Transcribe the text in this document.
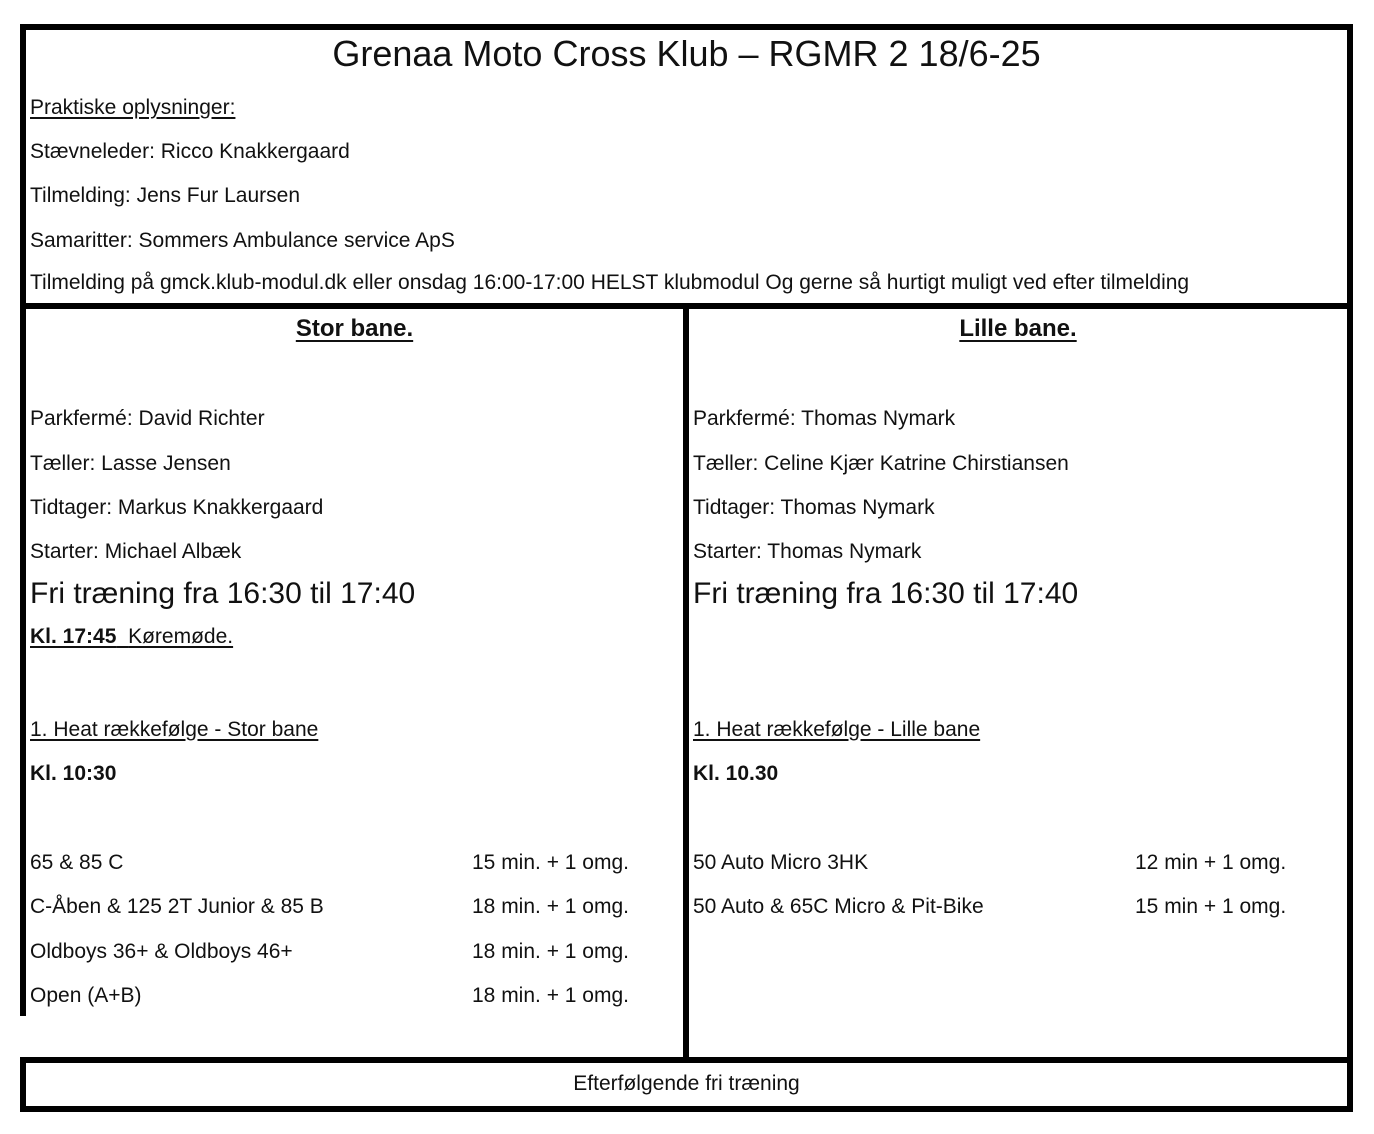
Grenaa Moto Cross Klub – RGMR 2 18/6-25
Praktiske oplysninger:
Stævneleder: Ricco Knakkergaard
Tilmelding: Jens Fur Laursen
Samaritter: Sommers Ambulance service ApS
Tilmelding på gmck.klub-modul.dk eller onsdag 16:00-17:00 HELST klubmodul Og gerne så hurtigt muligt ved efter tilmelding
Stor bane.
Parkfermé: David Richter
Tæller: Lasse Jensen
Tidtager: Markus Knakkergaard
Starter: Michael Albæk
Fri træning fra 16:30 til 17:40
Kl. 17:45 Køremøde.
1. Heat rækkefølge - Stor bane
Kl. 10:30
65 & 85 C	15 min. + 1 omg.
C-Åben & 125 2T Junior & 85 B	18 min. + 1 omg.
Oldboys 36+ & Oldboys 46+	18 min. + 1 omg.
Open (A+B)	18 min. + 1 omg.
Lille bane.
Parkfermé: Thomas Nymark
Tæller: Celine Kjær Katrine Chirstiansen
Tidtager: Thomas Nymark
Starter: Thomas Nymark
Fri træning fra 16:30 til 17:40
1. Heat rækkefølge - Lille bane
Kl. 10.30
50 Auto Micro 3HK	12 min + 1 omg.
50 Auto & 65C Micro & Pit-Bike	15 min + 1 omg.
Efterfølgende fri træning
